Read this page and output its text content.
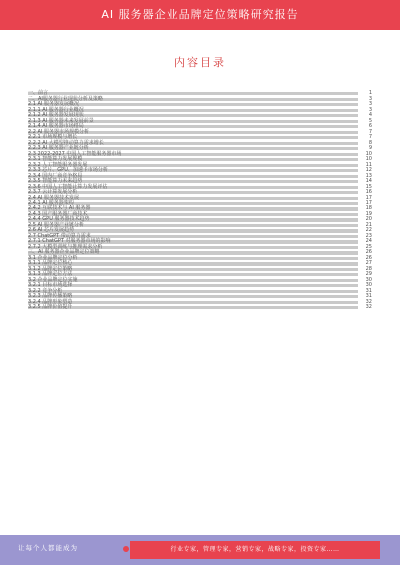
AI 服务器企业品牌定位策略研究报告
内容目录
一、前言	1
二、AI服务器行业现状分析及策略	3
2.1 AI 服务器发展概况	3
2.1.1 AI 服务器行业概况	3
2.1.2 AI 服务器发展现状	4
2.1.3 AI 服务器未来发展前景	5
2.1.4 AI 服务器市场格局	6
2.2 AI 服务器市场规模分析	7
2.2.1 市场规模与增长	7
2.2.2 AI 大模型推动算力需求增长	8
2.2.3 AI 服务器产业链分析	9
2.3 2022-2027 中国人工智能服务器市场	10
2.3.1 智能算力发展规模	10
2.3.2 人工智能服务器发展	11
2.3.3 芯片、GPU、加速卡市场分析	12
2.3.4 国内厂商竞争格局	13
2.3.5 智能算力未来趋势	14
2.3.6 中国人工智能计算力发展评估	15
2.3.7 云计算发展分析	16
2.4 AI 服务器技术发展	17
2.4.1 AI 服务器架构	17
2.4.2 互联技术与 AI 服务器	18
2.4.3 国产服务器厂商技术	19
2.4.4 GPU 服务器技术趋势	20
2.5 AI 服务器产业链分析	21
2.6 AI 芯片发展趋势	22
2.7 ChatGPT 带动算力需求	23
2.7.1 ChatGPT 对服务器市场的影响	24
2.7.2 大模型训练与推理需求分析	25
三、AI 服务器企业品牌定位策略	26
3.1 企业品牌定位分析	26
3.1.1 品牌定位核心	27
3.1.2 品牌定位策略	28
3.1.3 品牌定位方法	29
3.2 企业品牌定位实施	30
3.2.1 目标市场选择	30
3.2.2 竞争分析	31
3.2.3 品牌传播策略	31
3.2.4 品牌形象塑造	32
3.2.5 品牌价值提升	32
让每个人都能成为	行业专家，管理专家，营销专家，战略专家，投资专家……
